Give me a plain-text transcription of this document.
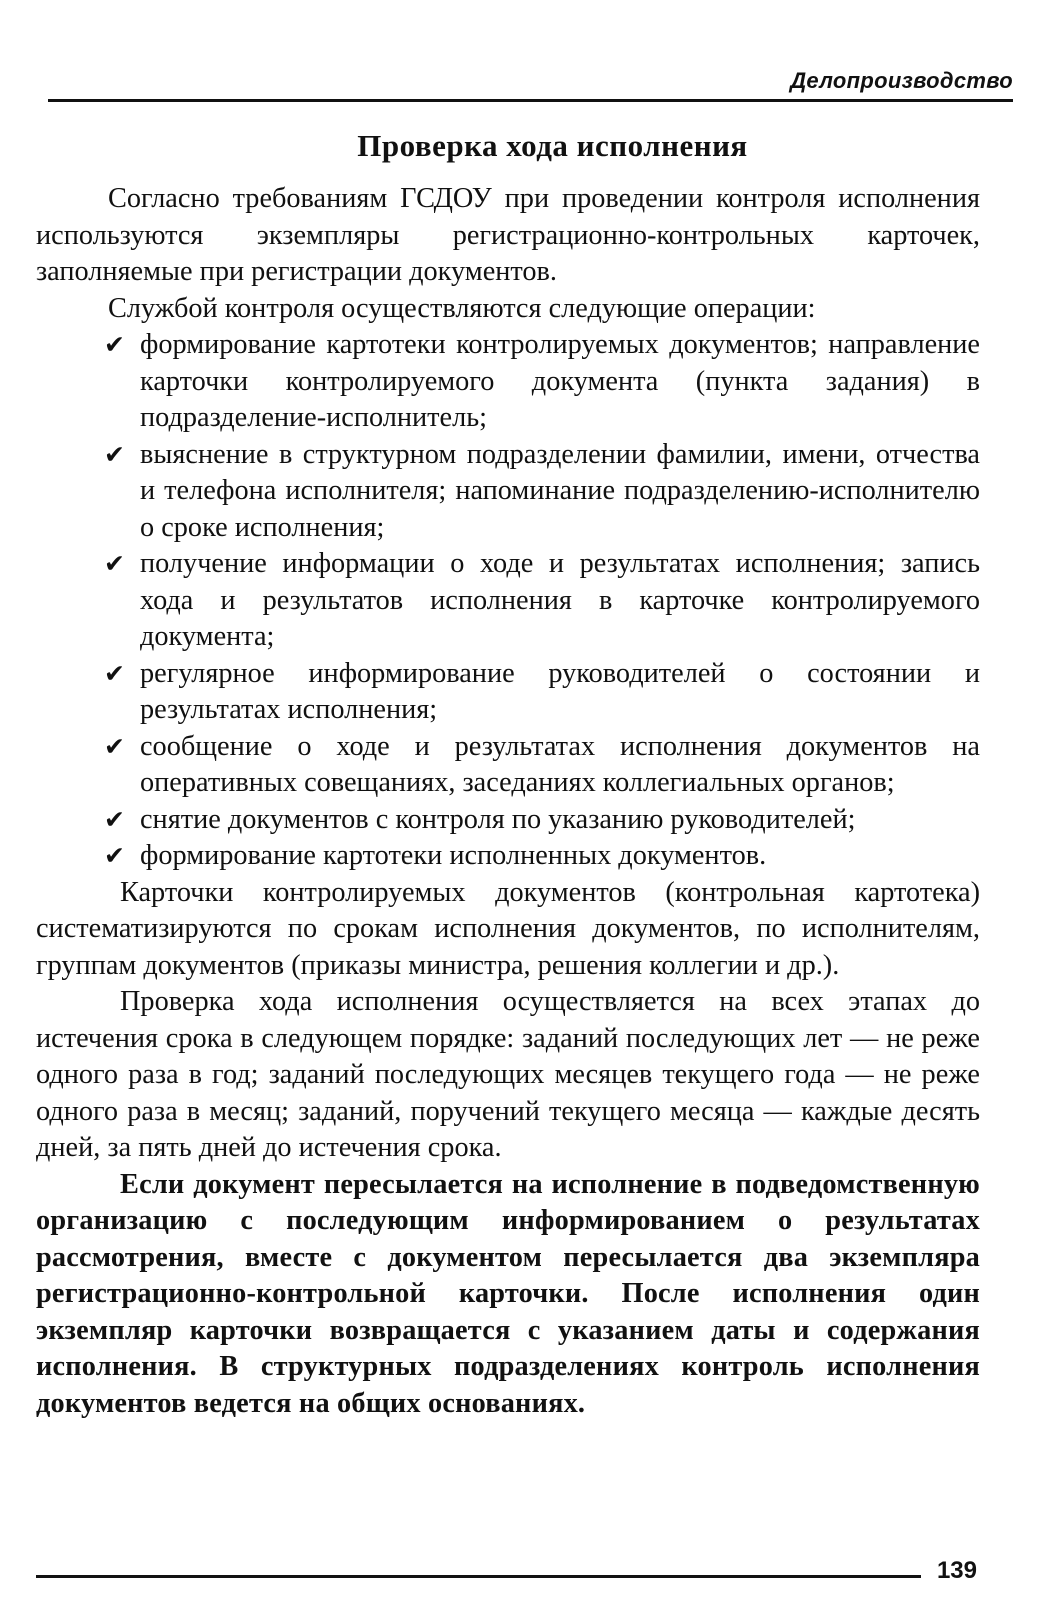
Делопроизводство
Проверка хода исполнения

Согласно требованиям ГСДОУ при проведении контроля исполнения используются экземпляры регистрационно-контрольных карточек, заполняемые при регистрации документов.

Службой контроля осуществляются следующие операции:

✔ формирование картотеки контролируемых документов; направление карточки контролируемого документа (пункта задания) в подразделение-исполнитель;
✔ выяснение в структурном подразделении фамилии, имени, отчества и телефона исполнителя; напоминание подразделению-исполнителю о сроке исполнения;
✔ получение информации о ходе и результатах исполнения; запись хода и результатов исполнения в карточке контролируемого документа;
✔ регулярное информирование руководителей о состоянии и результатах исполнения;
✔ сообщение о ходе и результатах исполнения документов на оперативных совещаниях, заседаниях коллегиальных органов;
✔ снятие документов с контроля по указанию руководителей;
✔ формирование картотеки исполненных документов.

Карточки контролируемых документов (контрольная картотека) систематизируются по срокам исполнения документов, по исполнителям, группам документов (приказы министра, решения коллегии и др.).

Проверка хода исполнения осуществляется на всех этапах до истечения срока в следующем порядке: заданий последующих лет — не реже одного раза в год; заданий последующих месяцев текущего года — не реже одного раза в месяц; заданий, поручений текущего месяца — каждые десять дней, за пять дней до истечения срока.

Если документ пересылается на исполнение в подведомственную организацию с последующим информированием о результатах рассмотрения, вместе с документом пересылается два экземпляра регистрационно-контрольной карточки. После исполнения один экземпляр карточки возвращается с указанием даты и содержания исполнения. В структурных подразделениях контроль исполнения документов ведется на общих основаниях.

139
